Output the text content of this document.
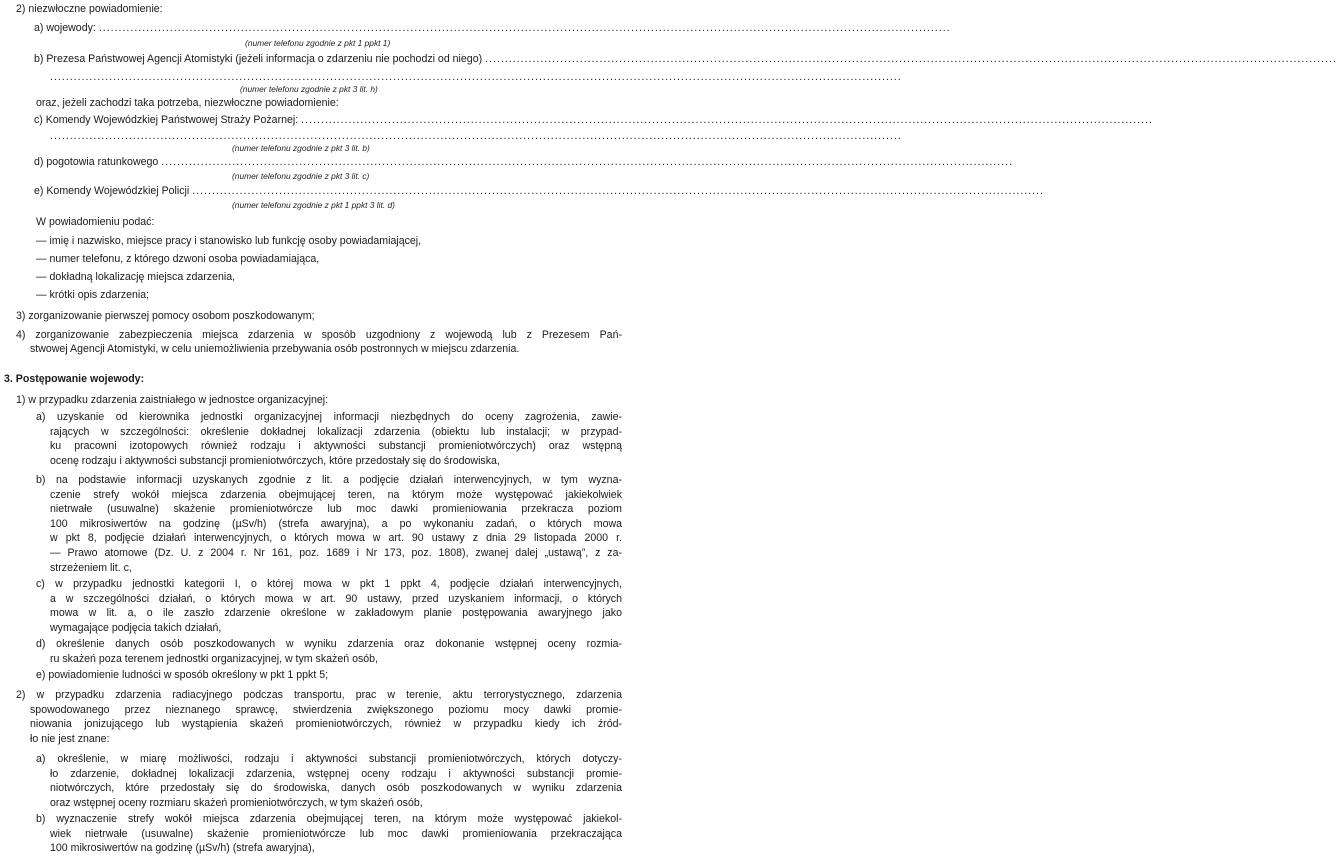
2) niezwłoczne powiadomienie:
a) wojewody: ........................................................................................................................................................................................................................
(numer telefonu zgodnie z pkt 1 ppkt 1)
b) Prezesa Państwowej Agencji Atomistyki (jeżeli informacja o zdarzeniu nie pochodzi od niego) ........................................................................................................................................................................................................................
........................................................................................................................................................................................................................
(numer telefonu zgodnie z pkt 3 lit. h)
oraz, jeżeli zachodzi taka potrzeba, niezwłoczne powiadomienie:
c) Komendy Wojewódzkiej Państwowej Straży Pożarnej: ........................................................................................................................................................................................................................
........................................................................................................................................................................................................................
(numer telefonu zgodnie z pkt 3 lit. b)
d) pogotowia ratunkowego ........................................................................................................................................................................................................................
(numer telefonu zgodnie z pkt 3 lit. c)
e) Komendy Wojewódzkiej Policji ........................................................................................................................................................................................................................
(numer telefonu zgodnie z pkt 1 ppkt 3 lit. d)
W powiadomieniu podać:
— imię i nazwisko, miejsce pracy i stanowisko lub funkcję osoby powiadamiającej,
— numer telefonu, z którego dzwoni osoba powiadamiająca,
— dokładną lokalizację miejsca zdarzenia,
— krótki opis zdarzenia;
3) zorganizowanie pierwszej pomocy osobom poszkodowanym;
4) zorganizowanie zabezpieczenia miejsca zdarzenia w sposób uzgodniony z wojewodą lub z Prezesem Pań-
stwowej Agencji Atomistyki, w celu uniemożliwienia przebywania osób postronnych w miejscu zdarzenia.
3. Postępowanie wojewody:
1) w przypadku zdarzenia zaistniałego w jednostce organizacyjnej:
a) uzyskanie od kierownika jednostki organizacyjnej informacji niezbędnych do oceny zagrożenia, zawie-
rających w szczególności: określenie dokładnej lokalizacji zdarzenia (obiektu lub instalacji; w przypad-
ku pracowni izotopowych również rodzaju i aktywności substancji promieniotwórczych) oraz wstępną
ocenę rodzaju i aktywności substancji promieniotwórczych, które przedostały się do środowiska,
b) na podstawie informacji uzyskanych zgodnie z lit. a podjęcie działań interwencyjnych, w tym wyzna-
czenie strefy wokół miejsca zdarzenia obejmującej teren, na którym może występować jakiekolwiek
nietrwałe (usuwalne) skażenie promieniotwórcze lub moc dawki promieniowania przekracza poziom
100 mikrosiwertów na godzinę (µSv/h) (strefa awaryjna), a po wykonaniu zadań, o których mowa
w pkt 8, podjęcie działań interwencyjnych, o których mowa w art. 90 ustawy z dnia 29 listopada 2000 r.
— Prawo atomowe (Dz. U. z 2004 r. Nr 161, poz. 1689 i Nr 173, poz. 1808), zwanej dalej „ustawą”, z za-
strzeżeniem lit. c,
c) w przypadku jednostki kategorii I, o której mowa w pkt 1 ppkt 4, podjęcie działań interwencyjnych,
a w szczególności działań, o których mowa w art. 90 ustawy, przed uzyskaniem informacji, o których
mowa w lit. a, o ile zaszło zdarzenie określone w zakładowym planie postępowania awaryjnego jako
wymagające podjęcia takich działań,
d) określenie danych osób poszkodowanych w wyniku zdarzenia oraz dokonanie wstępnej oceny rozmia-
ru skażeń poza terenem jednostki organizacyjnej, w tym skażeń osób,
e) powiadomienie ludności w sposób określony w pkt 1 ppkt 5;
2) w przypadku zdarzenia radiacyjnego podczas transportu, prac w terenie, aktu terrorystycznego, zdarzenia
spowodowanego przez nieznanego sprawcę, stwierdzenia zwiększonego poziomu mocy dawki promie-
niowania jonizującego lub wystąpienia skażeń promieniotwórczych, również w przypadku kiedy ich źród-
ło nie jest znane:
a) określenie, w miarę możliwości, rodzaju i aktywności substancji promieniotwórczych, których dotyczy-
ło zdarzenie, dokładnej lokalizacji zdarzenia, wstępnej oceny rodzaju i aktywności substancji promie-
niotwórczych, które przedostały się do środowiska, danych osób poszkodowanych w wyniku zdarzenia
oraz wstępnej oceny rozmiaru skażeń promieniotwórczych, w tym skażeń osób,
b) wyznaczenie strefy wokół miejsca zdarzenia obejmującej teren, na którym może występować jakiekol-
wiek nietrwałe (usuwalne) skażenie promieniotwórcze lub moc dawki promieniowania przekraczająca
100 mikrosiwertów na godzinę (µSv/h) (strefa awaryjna),
